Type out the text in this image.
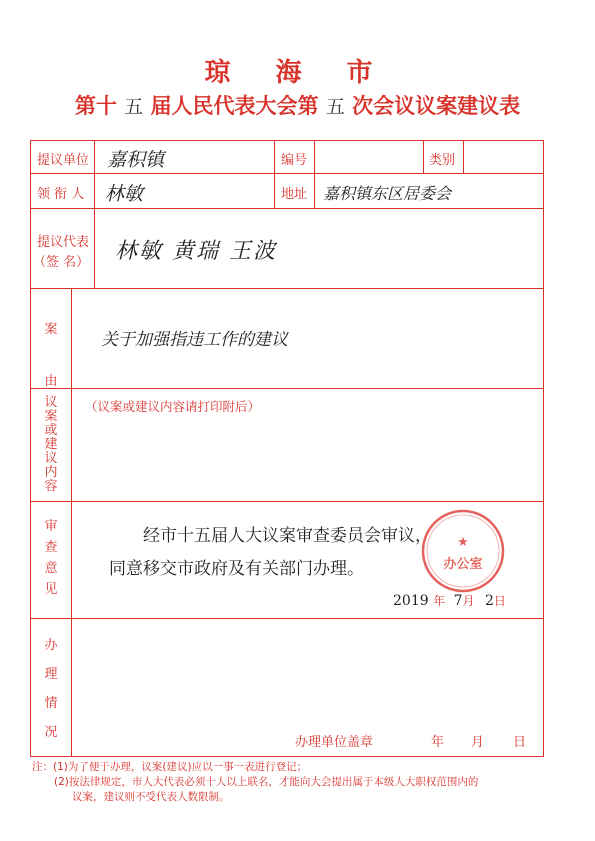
琼 海 市
第十 五 届人民代表大会第 五 次会议议案建议表
提议单位 嘉积镇	编号	类别
领 衔 人 林敏	地址 嘉积镇东区居委会
提议代表
（签 名） 林敏 黄瑞 王波
案
由
关于加强指违工作的建议
议
案
或
建
议
内
容
（议案或建议内容请打印附后）
审
查
意
见
经市十五届人大议案审查委员会审议，
同意移交市政府及有关部门办理。
2019 年 7月 2日
办
理
情
况
办理单位盖章	年 月 日
★
办公室
注：(1)为了便于办理，议案(建议)应以一事一表进行登记；
(2)按法律规定，市人大代表必须十人以上联名，才能向大会提出属于本级人大职权范围内的
议案，建议则不受代表人数限制。
